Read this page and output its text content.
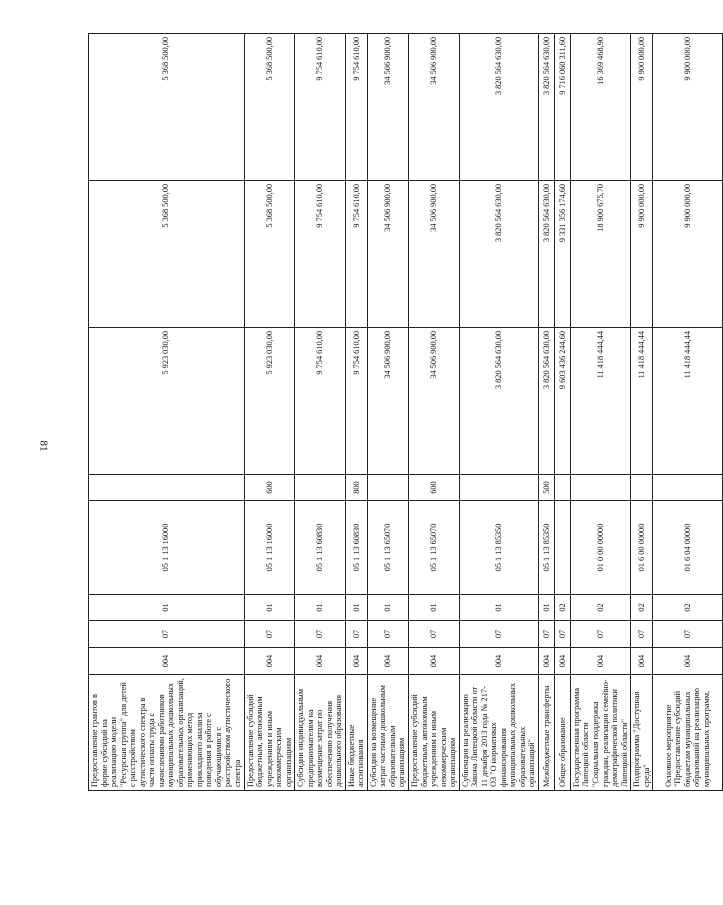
81
Предоставление грантов в форме субсидий на реализацию модели "Ресурсная группа" для детей с расстройством аутистического спектра в части оплаты труда с начислениями работников муниципальных дошкольных образовательных организаций, применяющих метод прикладного анализа поведения в работе с обучающимися с расстройством аутистического спектра	004	07	01	05 1 13 16000		5 923 030,00	5 368 500,00	5 368 500,00
Предоставление субсидий бюджетным, автономным учреждениям и иным некоммерческим организациям	004	07	01	05 1 13 16000	600	5 923 030,00	5 368 500,00	5 368 500,00
Субсидии индивидуальным предпринимателям на возмещение затрат по обеспечению получения дошкольного образования	004	07	01	05 1 13 60830		9 754 610,00	9 754 610,00	9 754 610,00
Иные бюджетные ассигнования	004	07	01	05 1 13 60830	800	9 754 610,00	9 754 610,00	9 754 610,00
Субсидия на возмещение затрат частным дошкольным образовательным организациям	004	07	01	05 1 13 65070		34 506 900,00	34 506 900,00	34 506 900,00
Предоставление субсидий бюджетным, автономным учреждениям и иным некоммерческим организациям	004	07	01	05 1 13 65070	600	34 506 900,00	34 506 900,00	34 506 900,00
Субвенция на реализацию Закона Липецкой области от 11 декабря 2013 года № 217-ОЗ "О нормативах финансирования муниципальных дошкольных образовательных организаций"	004	07	01	05 1 13 85350		3 820 564 630,00	3 820 564 630,00	3 820 564 630,00
Межбюджетные трансферты	004	07	01	05 1 13 85350	500	3 820 564 630,00	3 820 564 630,00	3 820 564 630,00
Общее образование	004	07	02			9 603 436 244,60	9 331 356 174,60	9 716 060 311,60
Государственная программа Липецкой области "Социальная поддержка граждан, реализация семейно-демографической политики Липецкой области"	004	07	02	01 0 00 00000		11 418 444,44	18 900 675,70	16 369 468,90
Подпрограмма "Доступная среда"	004	07	02	01 6 00 00000		11 418 444,44	9 900 000,00	9 900 000,00
Основное мероприятие "Предоставление субсидий бюджетам муниципальных образований на реализацию муниципальных программ,	004	07	02	01 6 04 00000		11 418 444,44	9 900 000,00	9 900 000,00
